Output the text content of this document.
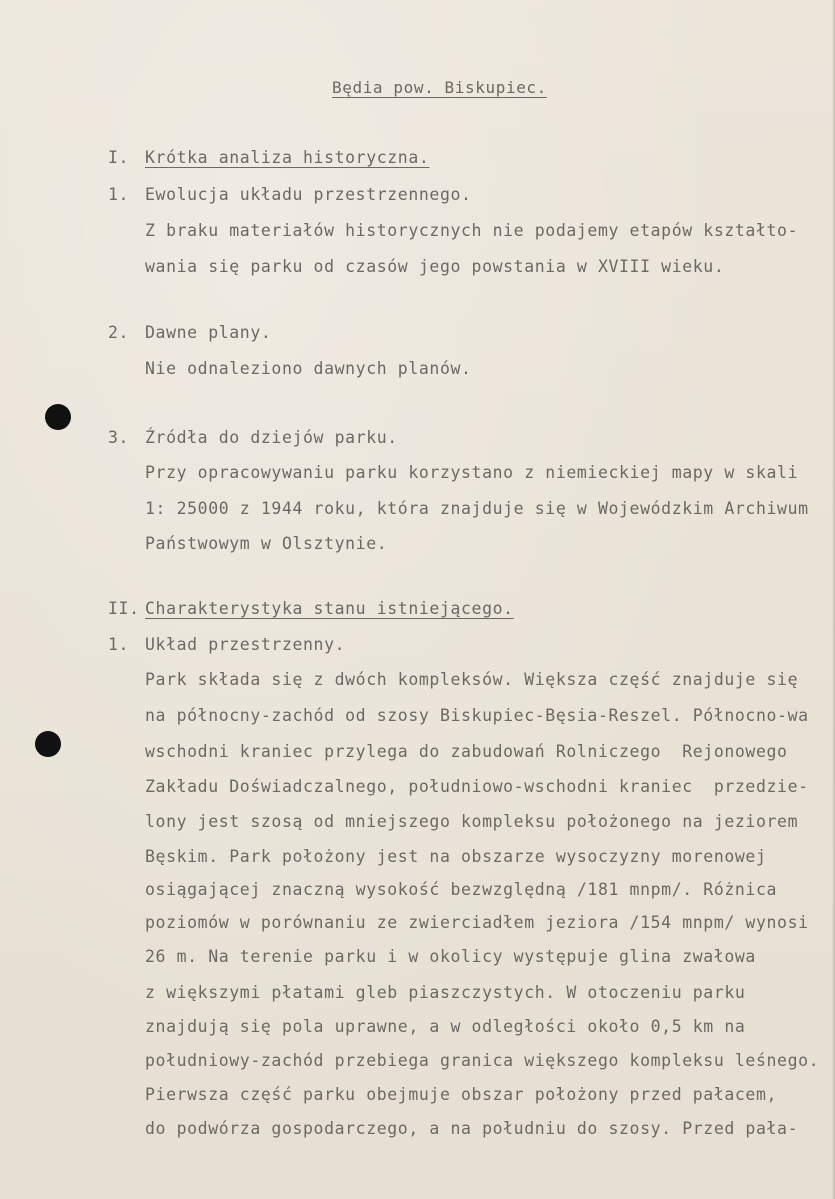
Będia pow. Biskupiec.
I. Krótka analiza historyczna.
1. Ewolucja układu przestrzennego.
Z braku materiałów historycznych nie podajemy etapów kształto-
wania się parku od czasów jego powstania w XVIII wieku.
2. Dawne plany.
Nie odnaleziono dawnych planów.
3. Źródła do dziejów parku.
Przy opracowywaniu parku korzystano z niemieckiej mapy w skali
1: 25000 z 1944 roku, która znajduje się w Wojewódzkim Archiwum
Państwowym w Olsztynie.
II. Charakterystyka stanu istniejącego.
1. Układ przestrzenny.
Park składa się z dwóch kompleksów. Większa część znajduje się
na północny-zachód od szosy Biskupiec-Bęsia-Reszel. Północno-wa
wschodni kraniec przylega do zabudowań Rolniczego  Rejonowego
Zakładu Doświadczalnego, południowo-wschodni kraniec  przedzie-
lony jest szosą od mniejszego kompleksu położonego na jeziorem
Bęskim. Park położony jest na obszarze wysoczyzny morenowej
osiągającej znaczną wysokość bezwzględną /181 mnpm/. Różnica
poziomów w porównaniu ze zwierciadłem jeziora /154 mnpm/ wynosi
26 m. Na terenie parku i w okolicy występuje glina zwałowa
z większymi płatami gleb piaszczystych. W otoczeniu parku
znajdują się pola uprawne, a w odległości około 0,5 km na
południowy-zachód przebiega granica większego kompleksu leśnego.
Pierwsza część parku obejmuje obszar położony przed pałacem,
do podwórza gospodarczego, a na południu do szosy. Przed pała-
